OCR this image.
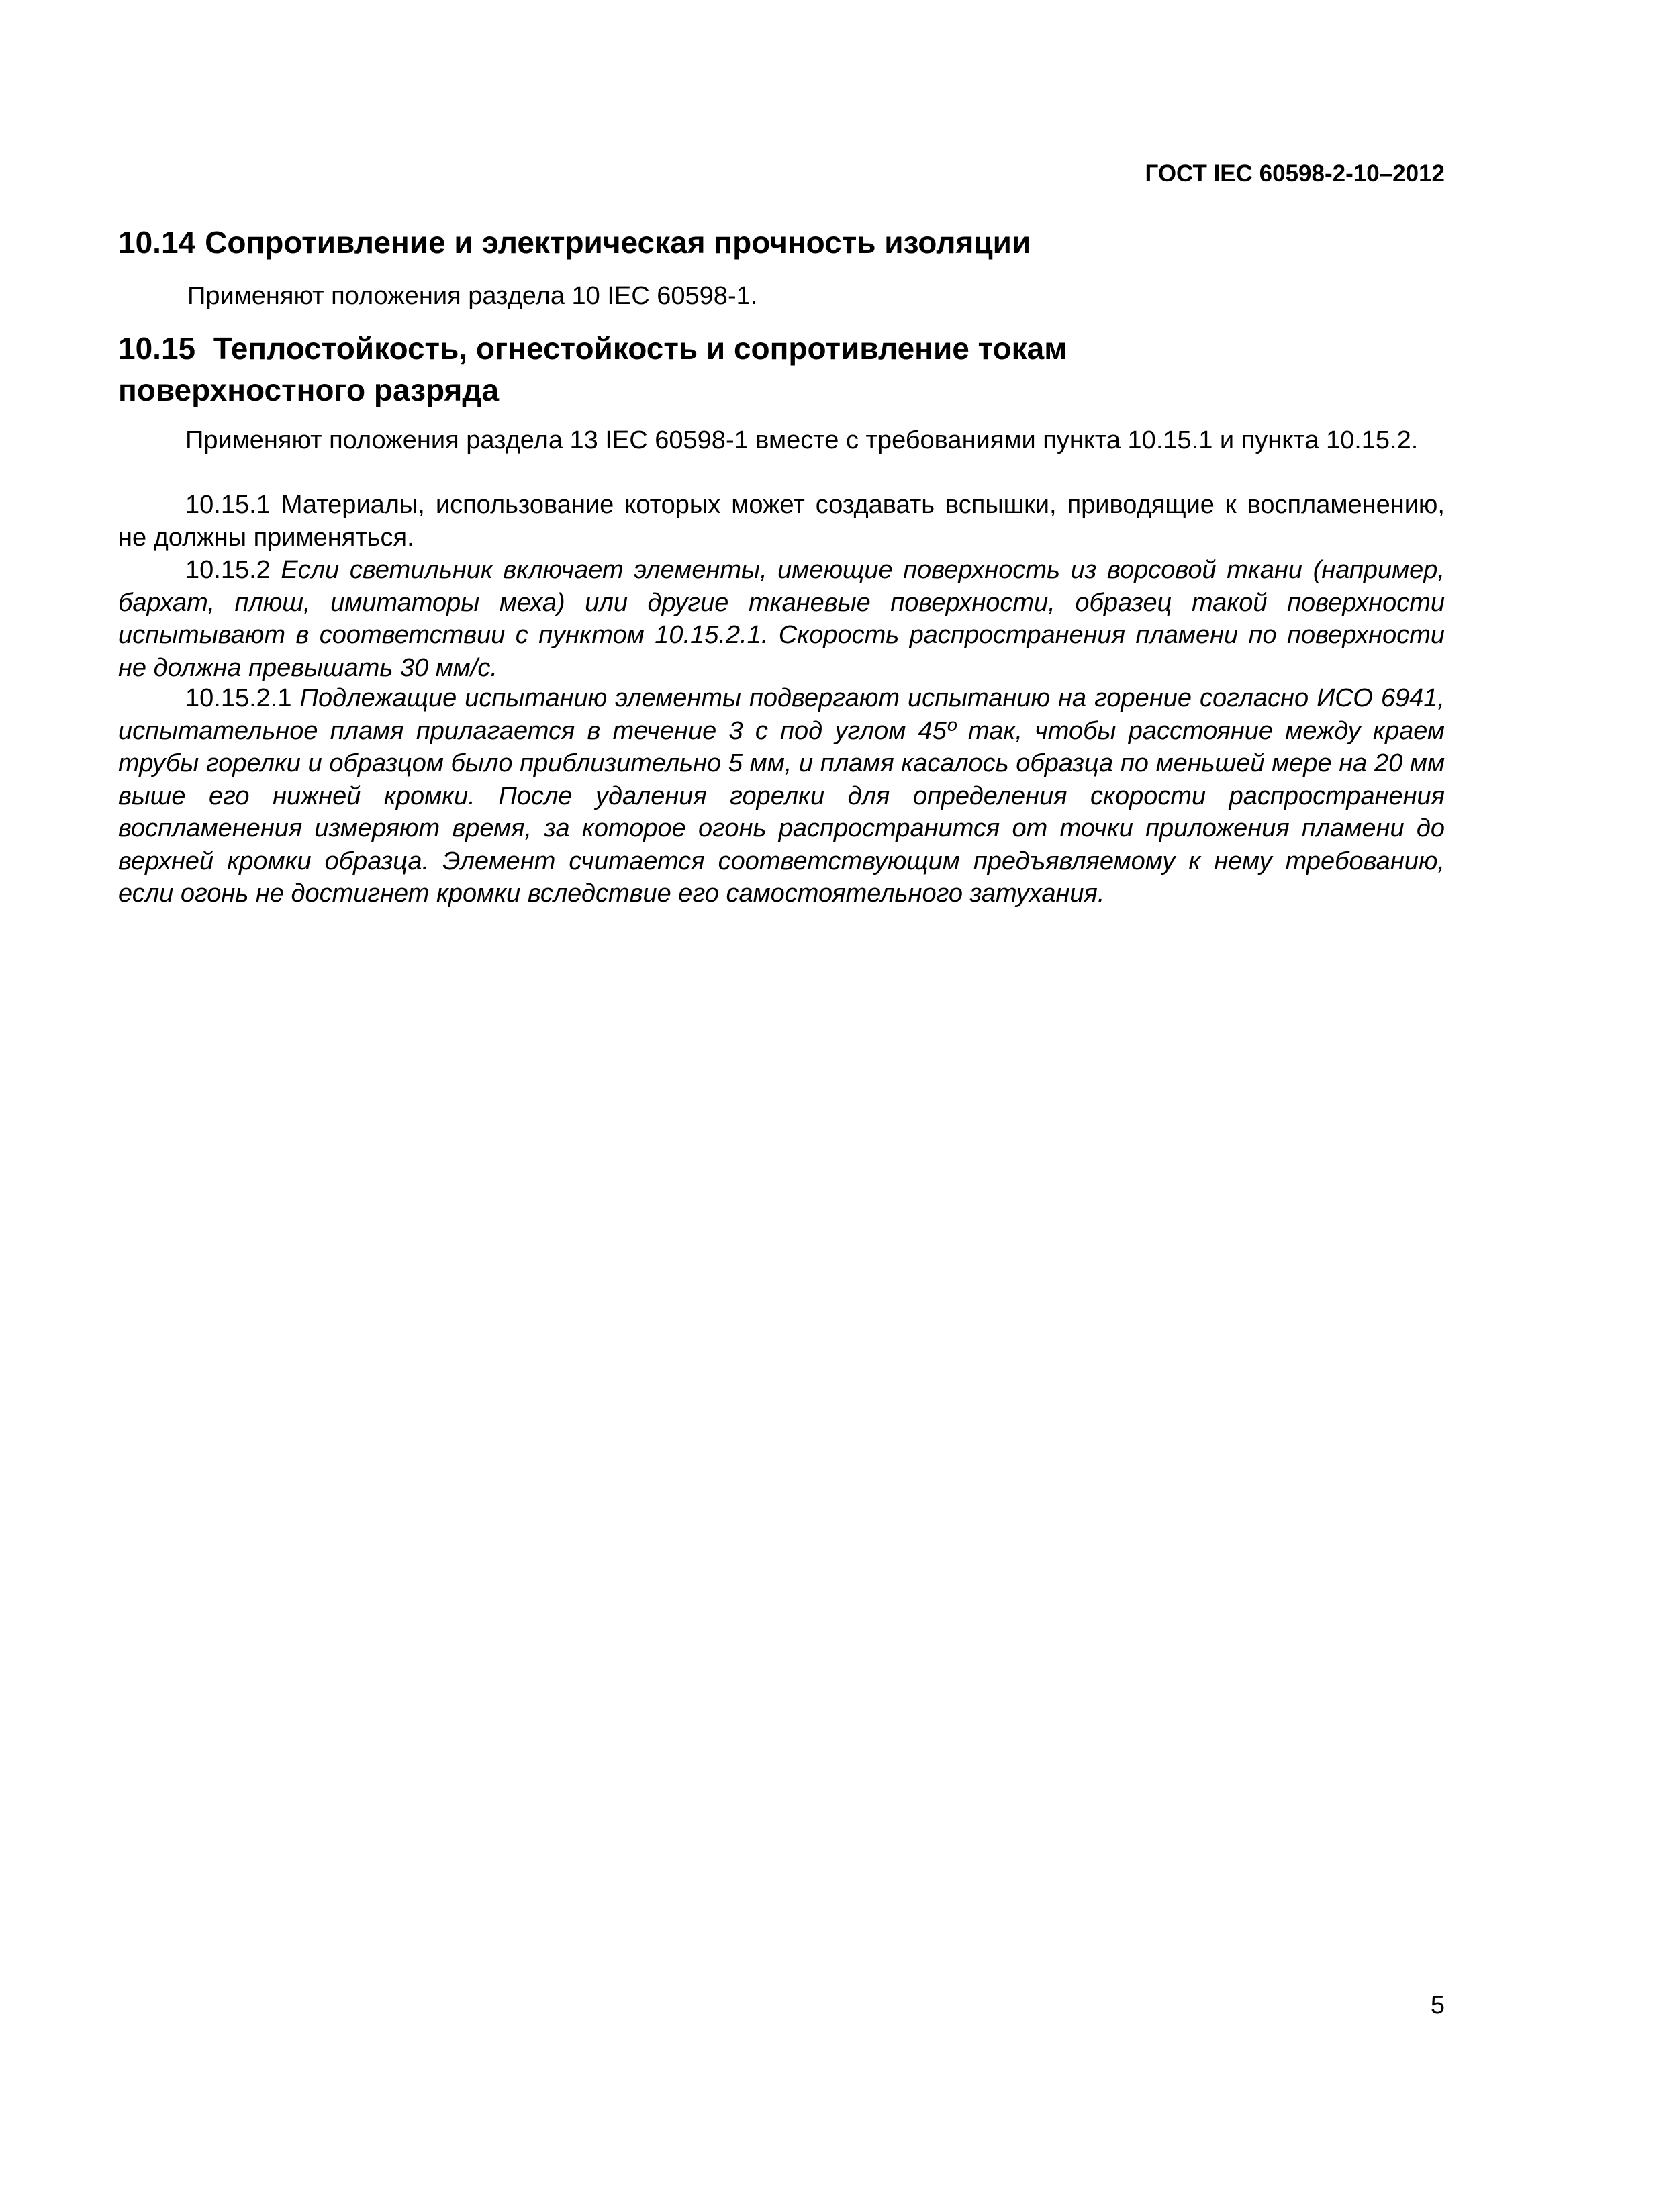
ГОСТ IEC 60598-2-10–2012
10.14 Сопротивление и электрическая прочность изоляции
Применяют положения раздела 10 IEC 60598-1.
10.15 Теплостойкость, огнестойкость и сопротивление токам
поверхностного разряда
Применяют положения раздела 13 IEC 60598-1 вместе с требованиями пункта 10.15.1 и пункта 10.15.2.
10.15.1 Материалы, использование которых может создавать вспышки, приводящие к воспламенению, не должны применяться.
10.15.2 Если светильник включает элементы, имеющие поверхность из ворсовой ткани (например, бархат, плюш, имитаторы меха) или другие тканевые поверхности, образец такой поверхности испытывают в соответствии с пунктом 10.15.2.1. Скорость распространения пламени по поверхности не должна превышать 30 мм/с.
10.15.2.1 Подлежащие испытанию элементы подвергают испытанию на горение согласно ИСО 6941, испытательное пламя прилагается в течение 3 с под углом 45º так, чтобы расстояние между краем трубы горелки и образцом было приблизительно 5 мм, и пламя касалось образца по меньшей мере на 20 мм выше его нижней кромки. После удаления горелки для определения скорости распространения воспламенения измеряют время, за которое огонь распространится от точки приложения пламени до верхней кромки образца. Элемент считается соответствующим предъявляемому к нему требованию, если огонь не достигнет кромки вследствие его самостоятельного затухания.
5
